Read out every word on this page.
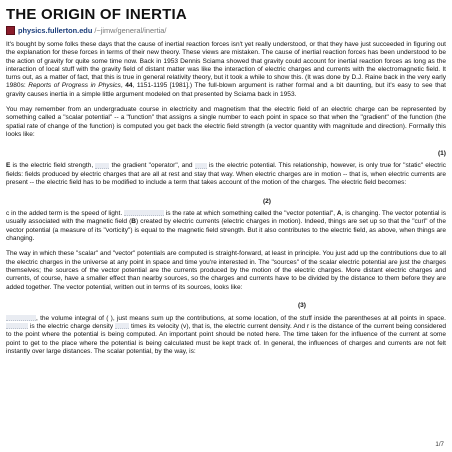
THE ORIGIN OF INERTIA
physics.fullerton.edu /~jimw/general/inertia/

It's bought by some folks these days that the cause of inertial reaction forces isn't yet really understood, or that they have just succeeded in figuring out the explanation for these forces in terms of their new theory. These views are mistaken. The cause of inertial reaction forces has been understood to be the action of gravity for quite some time now. Back in 1953 Dennis Sciama showed that gravity could account for inertial reaction forces as long as the interaction of local stuff with the gravity field of distant matter was like the interaction of electric charges and currents with the electromagnetic field. It turns out, as a matter of fact, that this is true in general relativity theory, but it took a while to show this. (It was done by D.J. Raine back in the very early 1980s: Reports of Progress in Physics, 44, 1151-1195 [1981].) The full-blown argument is rather formal and a bit daunting, but it's easy to see that gravity causes inertia in a simple little argument modeled on that presented by Sciama back in 1953.

You may remember from an undergraduate course in electricity and magnetism that the electric field of an electric charge can be represented by something called a "scalar potential" -- a "function" that assigns a single number to each point in space so that when the "gradient" of the function (the spatial rate of change of the function) is computed you get back the electric field strength (a vector quantity with magnitude and direction). Formally this looks like:

(1)

E is the electric field strength,  the gradient "operator", and  is the electric potential. This relationship, however, is only true for "static" electric fields: fields produced by electric charges that are all at rest and stay that way. When electric charges are in motion -- that is, when electric currents are present -- the electric field has to be modified to include a term that takes account of the motion of the charges. The electric field becomes:

(2)

c in the added term is the speed of light.	is the rate at which something called the "vector potential", A, is changing. The vector potential is usually associated with the magnetic field (B) created by electric currents (electric charges in motion). Indeed, things are set up so that the "curl" of the vector potential (a measure of its "vorticity") is equal to the magnetic field strength. But it also contributes to the electric field, as above, when things are changing.

The way in which these "scalar" and "vector" potentials are computed is straight-forward, at least in principle. You just add up the contributions due to all the electric charges in the universe at any point in space and time you're interested in. The "sources" of the scalar electric potential are just the charges themselves; the sources of the vector potential are the currents produced by the motion of the electric charges. More distant electric charges and currents, of course, have a smaller effect than nearby sources, so the charges and currents have to be divided by the distance to them before they are added together. The vector potential, written out in terms of its sources, looks like:

(3)

, the volume integral of ( ), just means sum up the contributions, at some location, of the stuff inside the parentheses at all points in space.  is the electric charge density  times its velocity (v), that is, the electric current density. And r is the distance of the current being considered to the point where the potential is being computed. An important point should be noted here. The time taken for the influence of the current at some point to get to the place where the potential is being calculated must be kept track of. In general, the influences of charges and currents are not felt instantly over large distances. The scalar potential, by the way, is:

1/7
